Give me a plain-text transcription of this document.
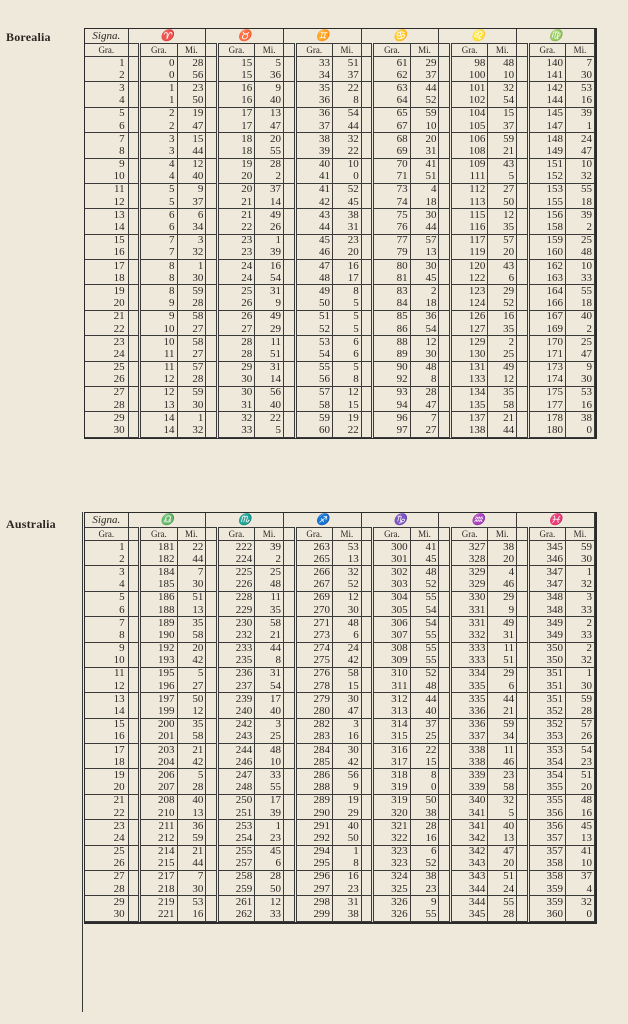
Borealia	Signa.	♈			♉			♊			♋			♌			♍		
Gra.		Gra.	Mi.		Gra.	Mi.		Gra.	Mi.		Gra.	Mi.		Gra.	Mi.		Gra.	Mi.
1		0	28		15	5		33	51		61	29		98	48		140	7
2		0	56		15	36		34	37		62	37		100	10		141	30
3		1	23		16	9		35	22		63	44		101	32		142	53
4		1	50		16	40		36	8		64	52		102	54		144	16
5		2	19		17	13		36	54		65	59		104	15		145	39
6		2	47		17	47		37	44		67	10		105	37		147	1
7		3	15		18	20		38	32		68	20		106	59		148	24
8		3	44		18	55		39	22		69	31		108	21		149	47
9		4	12		19	28		40	10		70	41		109	43		151	10
10		4	40		20	2		41	0		71	51		111	5		152	32
11		5	9		20	37		41	52		73	4		112	27		153	55
12		5	37		21	14		42	45		74	18		113	50		155	18
13		6	6		21	49		43	38		75	30		115	12		156	39
14		6	34		22	26		44	31		76	44		116	35		158	2
15		7	3		23	1		45	23		77	57		117	57		159	25
16		7	32		23	39		46	20		79	13		119	20		160	48
17		8	1		24	16		47	16		80	30		120	43		162	10
18		8	30		24	54		48	17		81	45		122	6		163	33
19		8	59		25	31		49	8		83	2		123	29		164	55
20		9	28		26	9		50	5		84	18		124	52		166	18
21		9	58		26	49		51	5		85	36		126	16		167	40
22		10	27		27	29		52	5		86	54		127	35		169	2
23		10	58		28	11		53	6		88	12		129	2		170	25
24		11	27		28	51		54	6		89	30		130	25		171	47
25		11	57		29	31		55	5		90	48		131	49		173	9
26		12	28		30	14		56	8		92	8		133	12		174	30
27		12	59		30	56		57	12		93	28		134	35		175	53
28		13	30		31	40		58	15		94	47		135	58		177	16
29		14	1		32	22		59	19		96	7		137	21		178	38
30		14	32		33	5		60	22		97	27		138	44		180	0
Australia	Signa.	♎			♏			♐			♑			♒			♓		
Gra.		Gra.	Mi.		Gra.	Mi.		Gra.	Mi.		Gra.	Mi.		Gra.	Mi.		Gra.	Mi.
1		181	22		222	39		263	53		300	41		327	38		345	59
2		182	44		224	2		265	13		301	45		328	20		346	30
3		184	7		225	25		266	32		302	48		329	4		347	1
4		185	30		226	48		267	52		303	52		329	46		347	32
5		186	51		228	11		269	12		304	55		330	29		348	3
6		188	13		229	35		270	30		305	54		331	9		348	33
7		189	35		230	58		271	48		306	54		331	49		349	2
8		190	58		232	21		273	6		307	55		332	31		349	33
9		192	20		233	44		274	24		308	55		333	11		350	2
10		193	42		235	8		275	42		309	55		333	51		350	32
11		195	5		236	31		276	58		310	52		334	29		351	1
12		196	27		237	54		278	15		311	48		335	6		351	30
13		197	50		239	17		279	30		312	44		335	44		351	59
14		199	12		240	40		280	47		313	40		336	21		352	28
15		200	35		242	3		282	3		314	37		336	59		352	57
16		201	58		243	25		283	16		315	25		337	34		353	26
17		203	21		244	48		284	30		316	22		338	11		353	54
18		204	42		246	10		285	42		317	15		338	46		354	23
19		206	5		247	33		286	56		318	8		339	23		354	51
20		207	28		248	55		288	9		319	0		339	58		355	20
21		208	40		250	17		289	19		319	50		340	32		355	48
22		210	13		251	39		290	29		320	38		341	5		356	16
23		211	36		253	1		291	40		321	28		341	40		356	45
24		212	59		254	23		292	50		322	16		342	13		357	13
25		214	21		255	45		294	1		323	6		342	47		357	41
26		215	44		257	6		295	8		323	52		343	20		358	10
27		217	7		258	28		296	16		324	38		343	51		358	37
28		218	30		259	50		297	23		325	23		344	24		359	4
29		219	53		261	12		298	31		326	9		344	55		359	32
30		221	16		262	33		299	38		326	55		345	28		360	0
